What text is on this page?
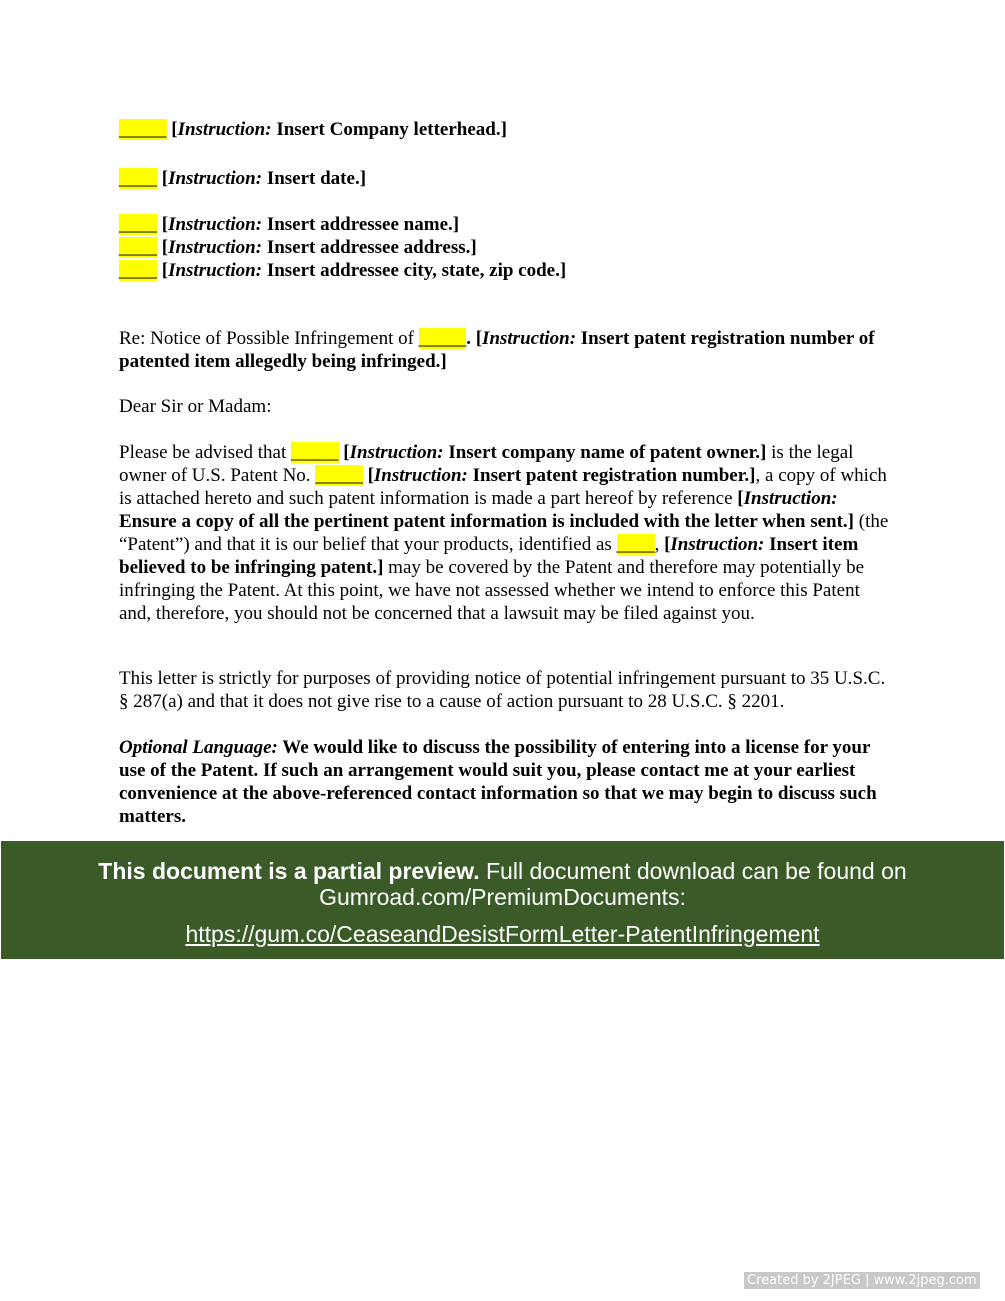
_____ [Instruction: Insert Company letterhead.]
____ [Instruction: Insert date.]
____ [Instruction: Insert addressee name.]
____ [Instruction: Insert addressee address.]
____ [Instruction: Insert addressee city, state, zip code.]
Re: Notice of Possible Infringement of _____. [Instruction: Insert patent registration number of patented item allegedly being infringed.]
Dear Sir or Madam:
Please be advised that _____ [Instruction: Insert company name of patent owner.] is the legal owner of U.S. Patent No. _____ [Instruction: Insert patent registration number.], a copy of which is attached hereto and such patent information is made a part hereof by reference [Instruction: Ensure a copy of all the pertinent patent information is included with the letter when sent.] (the “Patent”) and that it is our belief that your products, identified as ____, [Instruction: Insert item believed to be infringing patent.] may be covered by the Patent and therefore may potentially be infringing the Patent. At this point, we have not assessed whether we intend to enforce this Patent and, therefore, you should not be concerned that a lawsuit may be filed against you.
This letter is strictly for purposes of providing notice of potential infringement pursuant to 35 U.S.C. § 287(a) and that it does not give rise to a cause of action pursuant to 28 U.S.C. § 2201.
Optional Language: We would like to discuss the possibility of entering into a license for your use of the Patent. If such an arrangement would suit you, please contact me at your earliest convenience at the above-referenced contact information so that we may begin to discuss such matters.
This document is a partial preview. Full document download can be found on Gumroad.com/PremiumDocuments:
https://gum.co/CeaseandDesistFormLetter-PatentInfringement
Created by 2JPEG | www.2jpeg.com
